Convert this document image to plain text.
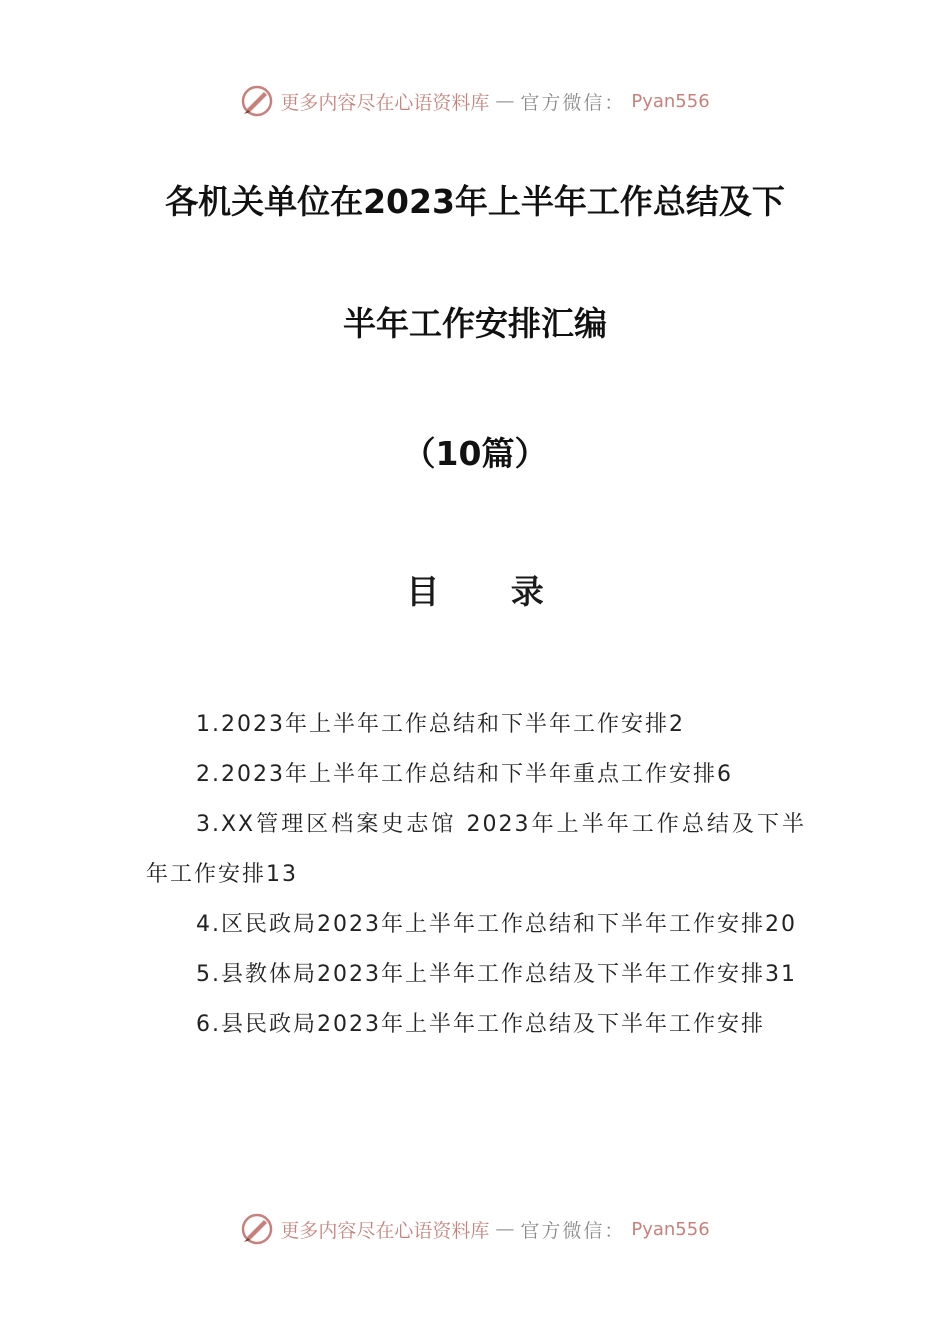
更多内容尽在心语资料库 — 官方微信： Pyan556
各机关单位在2023年上半年工作总结及下
半年工作安排汇编
（10篇）
目 录
1.2023年上半年工作总结和下半年工作安排2
2.2023年上半年工作总结和下半年重点工作安排6
3.XX管理区档案史志馆 2023年上半年工作总结及下半年工作安排13
4.区民政局2023年上半年工作总结和下半年工作安排20
5.县教体局2023年上半年工作总结及下半年工作安排31
6.县民政局2023年上半年工作总结及下半年工作安排
更多内容尽在心语资料库 — 官方微信： Pyan556
